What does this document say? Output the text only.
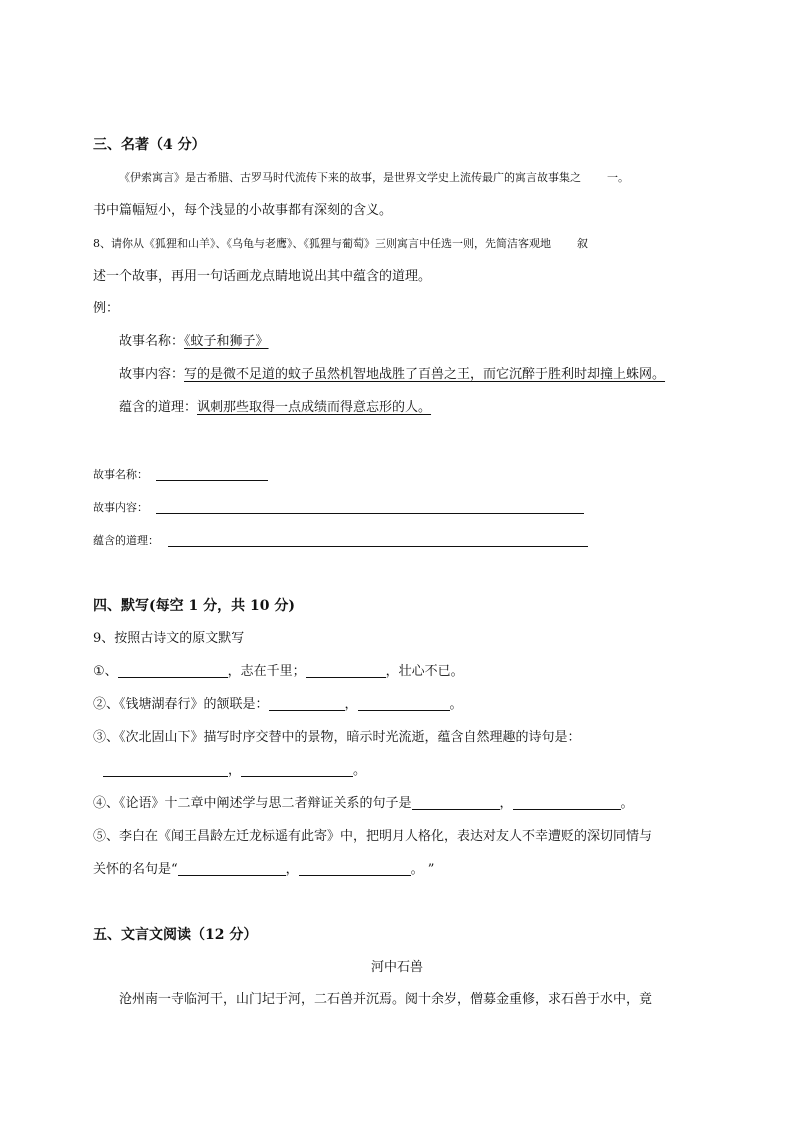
三、名著（4 分）
《伊索寓言》是古希腊、古罗马时代流传下来的故事，是世界文学史上流传最广的寓言故事集之 一。
书中篇幅短小，每个浅显的小故事都有深刻的含义。
8、请你从《狐狸和山羊》、《乌龟与老鹰》、《狐狸与葡萄》三则寓言中任选一则，先简洁客观地 叙
述一个故事，再用一句话画龙点睛地说出其中蕴含的道理。
例：
故事名称：《蚊子和狮子》
故事内容：写的是微不足道的蚊子虽然机智地战胜了百兽之王，而它沉醉于胜利时却撞上蛛网。
蕴含的道理：讽刺那些取得一点成绩而得意忘形的人。
故事名称：
故事内容：
蕴含的道理：
四、默写(每空 1 分，共 10 分)
9、按照古诗文的原文默写
①、	，志在千里；	，壮心不已。
②、《钱塘湖春行》的颔联是：	，	。
③、《次北固山下》描写时序交替中的景物，暗示时光流逝，蕴含自然理趣的诗句是：
，	。
④、《论语》十二章中阐述学与思二者辩证关系的句子是	，	。
⑤、李白在《闻王昌龄左迁龙标遥有此寄》中，把明月人格化，表达对友人不幸遭贬的深切同情与
关怀的名句是“	，	。 ”
五、文言文阅读（12 分）
河中石兽
沧州南一寺临河干，山门圮于河，二石兽并沉焉。阅十余岁，僧募金重修，求石兽于水中，竟
